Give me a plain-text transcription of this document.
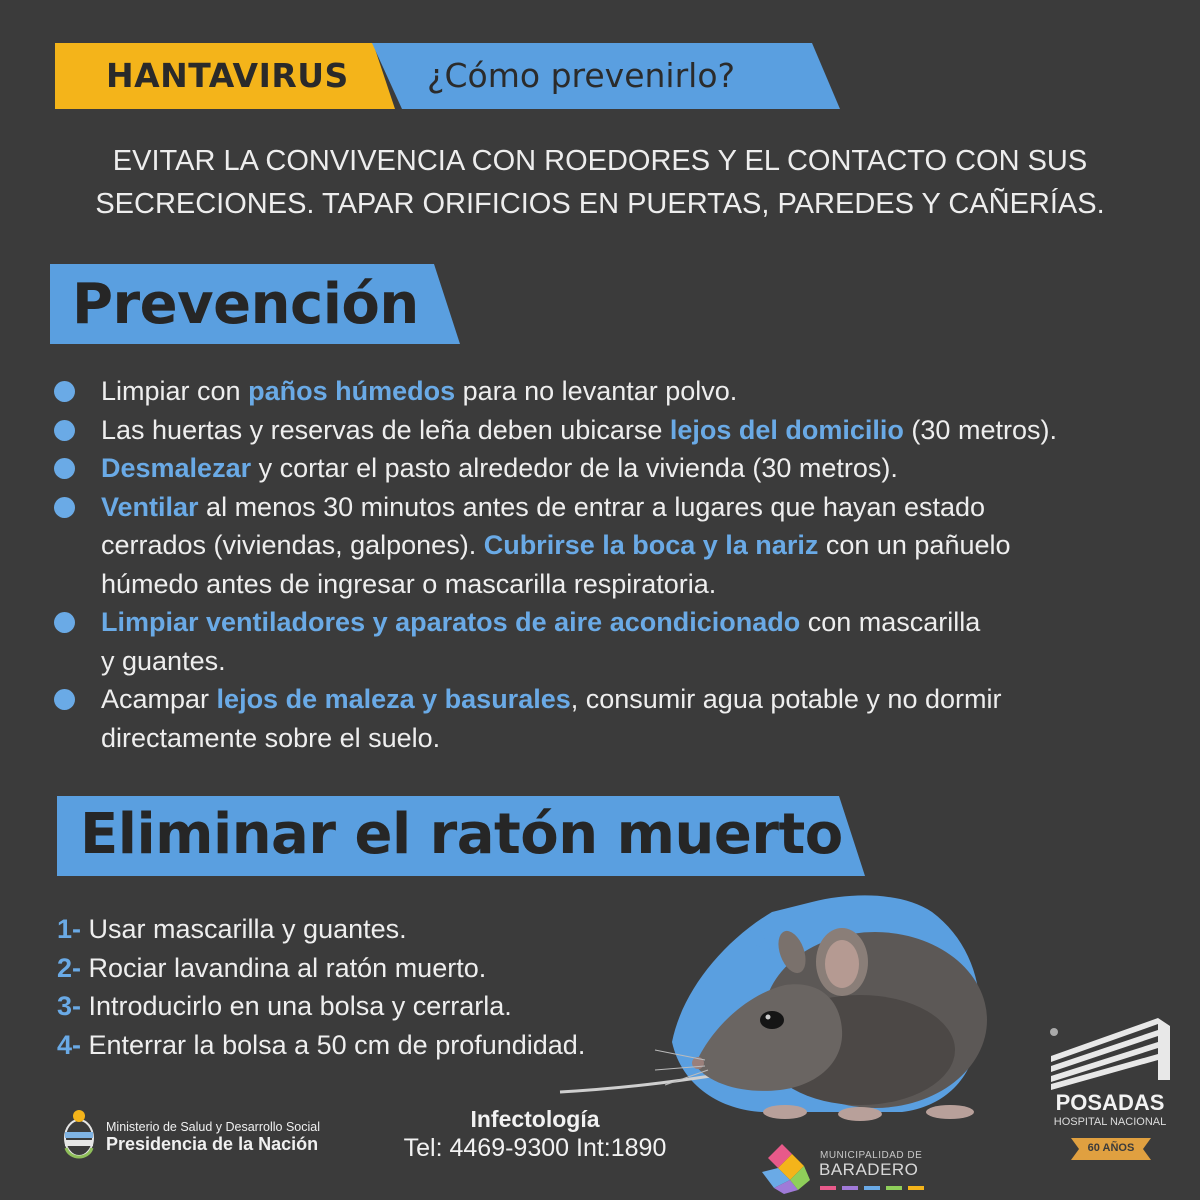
HANTAVIRUS ¿Cómo prevenirlo?
EVITAR LA CONVIVENCIA CON ROEDORES Y EL CONTACTO CON SUS
SECRECIONES. TAPAR ORIFICIOS EN PUERTAS, PAREDES Y CAÑERÍAS.
Prevención
Limpiar con paños húmedos para no levantar polvo.
Las huertas y reservas de leña deben ubicarse lejos del domicilio (30 metros).
Desmalezar y cortar el pasto alrededor de la vivienda (30 metros).
Ventilar al menos 30 minutos antes de entrar a lugares que hayan estado
cerrados (viviendas, galpones). Cubrirse la boca y la nariz con un pañuelo
húmedo antes de ingresar o mascarilla respiratoria.
Limpiar ventiladores y aparatos de aire acondicionado con mascarilla
y guantes.
Acampar lejos de maleza y basurales, consumir agua potable y no dormir
directamente sobre el suelo.
Eliminar el ratón muerto
1- Usar mascarilla y guantes.
2- Rociar lavandina al ratón muerto.
3- Introducirlo en una bolsa y cerrarla.
4- Enterrar la bolsa a 50 cm de profundidad.
Ministerio de Salud y Desarrollo Social
Presidencia de la Nación
Infectología
Tel: 4469-9300 Int:1890	MUNICIPALIDAD DE
BARADERO
POSADAS
HOSPITAL NACIONAL
60 AÑOS
